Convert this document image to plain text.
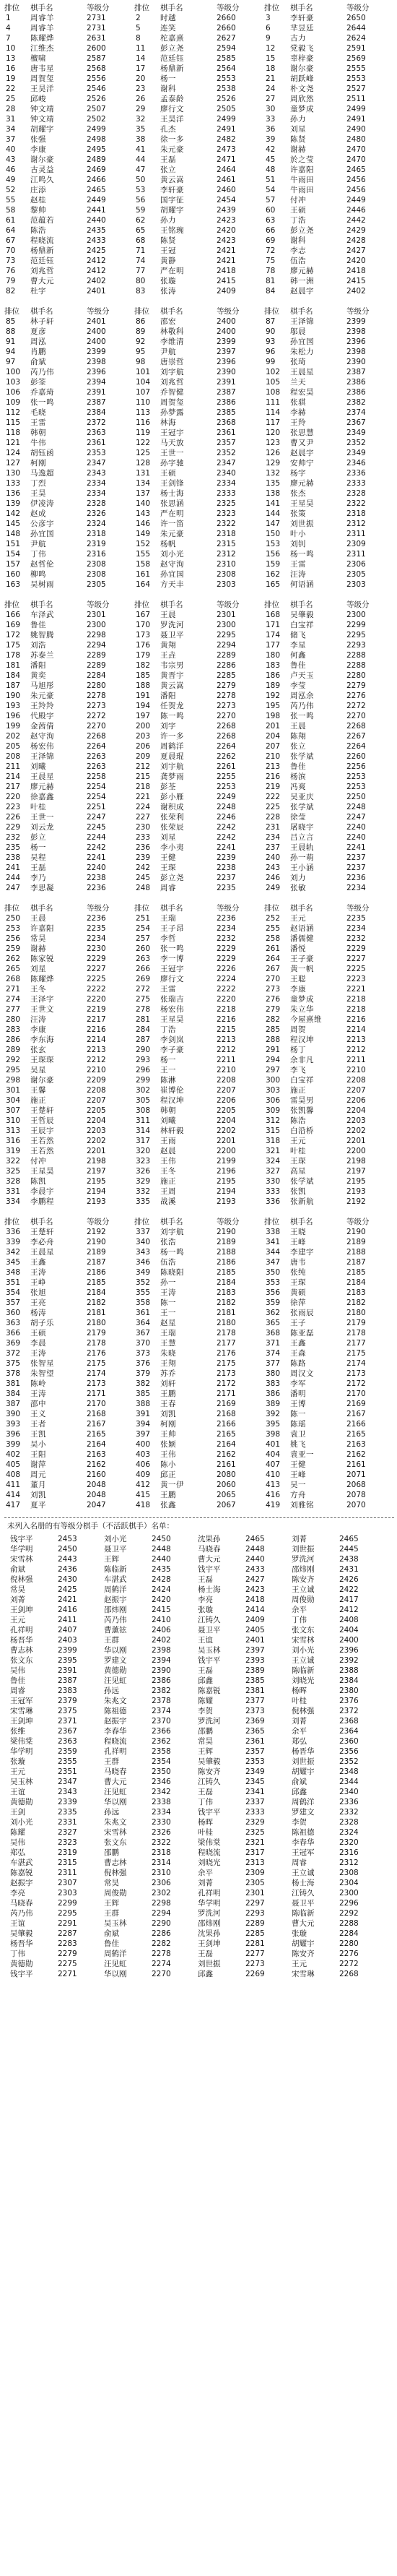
排位	棋手名	等级分	排位	棋手名	等级分	排位	棋手名	等级分
1	周睿羊	2731	2	时越	2660	3	李轩豪	2650
4	周睿羊	2731	5	连笑	2660	6	芈昱廷	2644
7	陈耀烨	2631	8	柁嘉熹	2627	9	古力	2624
10	江维杰	2600	11	彭立尧	2594	12	党毅飞	2591
13	檀啸	2587	14	范廷钰	2585	15	辜梓豪	2569
16	唐韦星	2568	17	杨鼎新	2564	18	谢尔豪	2555
19	周賀玺	2556	20	杨一	2553	21	胡跃峰	2553
22	王昊洋	2546	23	谢科	2538	24	朴文尧	2527
25	邱峻	2526	26	孟泰龄	2526	27	周欣然	2511
28	钟文靖	2507	29	廖行文	2505	30	童梦成	2499
31	钟文靖	2502	32	王昊洋	2499	33	孙力	2491
34	胡耀宇	2499	35	孔杰	2491	36	刘星	2490
37	张强	2498	38	徐一多	2482	39	陈贤	2480
40	李康	2495	41	朱元豪	2473	42	谢赫	2470
43	谢尔豪	2489	44	王磊	2471	45	於之莹	2470
46	古灵益	2469	47	张立	2464	48	许嘉阳	2465
49	江鸣久	2466	50	黄云嵩	2461	51	牛雨田	2456
52	庄添	2465	53	李轩豪	2460	54	牛雨田	2456
55	赵桂	2449	56	国宇征	2454	57	付冲	2449
58	黎帅	2441	59	胡耀宇	2439	60	王硕	2446
61	范蕴若	2440	62	孙力	2423	63	丁浩	2442
64	陈浩	2435	65	王铭琬	2420	66	彭立尧	2429
67	程晓流	2433	68	陈贤	2423	69	谢科	2428
70	杨鼎新	2425	71	王冠	2421	72	李志	2427
73	范廷钰	2412	74	黄静	2421	75	伍浩	2420
76	刘兆哲	2412	77	严在明	2418	78	廖元赫	2418
79	曹大元	2402	80	张璇	2415	81	韩一洲	2415
82	杜宇	2401	83	张涛	2409	84	赵晨宇	2402

排位	棋手名	等级分	排位	棋手名	等级分	排位	棋手名	等级分
85	林子轩	2401	86	邵宏	2400	87	王泽锦	2399
88	夏彦	2400	89	林敬科	2400	90	邬晨	2398
91	周泓	2400	92	李维清	2399	93	孙宜国	2396
94	肖鹏	2399	95	尹航	2397	96	朱松力	2398
97	俞斌	2398	98	唐崇哲	2396	99	张琦	2390
100	芮乃伟	2396	101	刘宇航	2390	102	王晨星	2387
103	彭筌	2394	104	刘兆哲	2391	105	兰天	2386
106	乔嘉琦	2391	107	乔智健	2387	108	程宏昊	2386
109	张一鸣	2387	110	周贺玺	2386	111	张骐	2382
112	毛晓	2384	113	孙梦露	2385	114	李赫	2374
115	王雷	2372	116	林海	2368	117	王羚	2367
118	韩朝	2363	119	王冠宇	2361	120	张思慧	2349
121	牛伟	2361	122	马天放	2357	123	曹又尹	2352
124	胡钰函	2353	125	王世一	2352	126	赵晨宇	2349
127	柯刚	2347	128	孙宇驰	2347	129	安帅宁	2346
130	马逸超	2343	131	王硕	2340	132	杨宇	2336
133	丁烈	2334	134	王剑锋	2334	135	廖元赫	2333
136	王昊	2334	137	杨士海	2333	138	张杰	2328
139	伊凌涛	2328	140	张思涵	2325	141	王星昊	2322
142	赵成	2326	143	严在明	2323	144	张策	2318
145	公彦宇	2324	146	许一笛	2322	147	刘世振	2312
148	孙宜国	2318	149	朱元豪	2318	150	叶小	2311
151	尹航	2319	152	杨帆	2315	153	刘钊	2309
154	丁伟	2316	155	刘小光	2312	156	杨一鸣	2311
157	赵哲伦	2308	158	赵守洵	2310	159	王雷	2306
160	柳鸣	2308	161	孙宜国	2308	162	汪涛	2305
163	吴树雨	2305	164	方天丰	2303	165	何语涵	2303

排位	棋手名	等级分	排位	棋手名	等级分	排位	棋手名	等级分
166	车泽武	2301	167	王晨	2301	168	吴肇毅	2300
169	鲁佳	2300	170	罗洗河	2300	171	白宝祥	2299
172	姚智腾	2298	173	聂卫平	2295	174	储飞	2295
175	刘浩	2294	176	黄翔	2294	177	李星	2293
178	苏泰兰	2289	179	王垚	2289	180	何鑫	2288
181	潘阳	2289	182	韦宗男	2286	183	鲁佳	2288
184	黄奕	2284	185	黄晋宇	2285	186	卢天玉	2280
187	马旭彤	2280	188	黄云嵩	2279	189	李莹	2279
190	朱元豪	2278	191	潘阳	2278	192	周泓余	2276
193	王羚羚	2273	194	任贺龙	2273	195	芮乃伟	2272
196	代殿宇	2272	197	陈一鸣	2270	198	张一鸣	2270
199	金茜倩	2270	200	刘宇	2268	201	王晨	2268
202	赵守洵	2268	203	许一多	2268	204	陈翔	2267
205	杨宏伟	2264	206	周鹤洋	2264	207	张立	2264
208	王泽锦	2263	209	夏晨琨	2262	210	张学斌	2260
211	刘曦	2263	212	刘宇航	2261	213	鲁佳	2256
214	王晨星	2258	215	龚梦雨	2255	216	杨滨	2253
217	廖元赫	2254	218	彭荃	2253	219	冯爽	2253
220	徐嘉鑫	2254	221	彭小雁	2249	222	吴亚庆	2250
223	叶桂	2251	224	谢积成	2248	225	张学斌	2248
226	王世一	2247	227	张荣利	2246	228	徐莹	2247
229	刘云龙	2245	230	张荣辰	2242	231	屠晓宇	2240
232	彭立	2244	233	刘星	2242	234	吕立言	2240
235	杨一	2242	236	李小夷	2241	237	王晨轨	2241
238	吴程	2241	239	王健	2239	240	孙一萌	2237
241	王磊	2240	242	王琛	2238	243	王小涵	2237
244	李乃	2238	245	彭立尧	2237	246	刘力	2236
247	李思凝	2236	248	周睿	2235	249	张敏	2234

排位	棋手名	等级分	排位	棋手名	等级分	排位	棋手名	等级分
250	王晨	2236	251	王瑞	2236	252	王元	2235
253	许嘉阳	2235	254	王子昂	2234	255	赵语涵	2234
256	常昊	2234	257	李哲	2232	258	潘儒健	2232
259	谢赫	2230	260	张一鸣	2229	261	潘悦	2229
262	陈家锐	2229	263	李一博	2229	264	王子豪	2227
265	刘星	2227	266	王冠宇	2226	267	黄一帆	2225
268	陈耀烨	2225	269	廖行文	2224	270	王聪	2223
271	王冬	2222	272	王雷	2222	273	李康	2221
274	王泽宇	2220	275	张瑞吉	2220	276	童梦成	2218
277	王世文	2219	278	杨宏伟	2218	279	朱立华	2218
280	汪涛	2217	281	王星昊	2216	282	今屋熹维	2216
283	李康	2216	284	丁浩	2215	285	周贺	2214
286	李东海	2214	287	李剑岚	2213	288	程汉坤	2213
289	张玄	2213	290	李子豪	2212	291	杨丁	2212
292	王琛琛	2212	293	杨一	2211	294	余非凡	2211
295	吴星	2210	296	王一	2210	297	李飞	2210
298	谢尔豪	2209	299	陈淋	2208	300	白宝祥	2208
301	王馨	2208	302	崔博伦	2207	303	施正	2207
304	施正	2207	305	程汉坤	2206	306	雷昊男	2206
307	王楚轩	2205	308	韩朝	2205	309	张凯馨	2204
310	王哲辰	2204	311	刘曦	2204	312	陈浩	2203
313	王辰宇	2203	314	林轩毅	2202	315	白沿桥	2202
316	王若然	2202	317	王雨	2201	318	王元	2201
319	王若然	2201	320	赵晨	2200	321	叶桂	2200
322	付冲	2198	323	王伟	2199	324	王琛	2198
325	王星昊	2197	326	王冬	2196	327	高星	2197
328	陈凯	2195	329	施正	2195	330	张学斌	2195
331	李晨宇	2194	332	王周	2194	333	张凯	2193
334	李鹏程	2193	335	战溪	2193	336	张新航	2192

排位	棋手名	等级分	排位	棋手名	等级分	排位	棋手名	等级分
336	王楚轩	2192	337	刘宇航	2190	338	王晓	2190
339	李必舟	2190	340	张浩	2189	341	王峰	2189
342	王晨星	2189	343	杨一鸣	2188	344	李建宇	2188
345	王鑫	2187	346	伍浩	2186	347	唐韦	2187
348	王涛	2186	349	陈晓阳	2185	350	张纯	2185
351	王峥	2185	352	孙一	2184	353	王琛	2184
354	张旭	2184	355	王涛	2183	356	黄硕	2183
357	王亮	2182	358	陈一	2182	359	徐萍	2182
360	杨涛	2181	361	王一	2181	362	张雨辰	2180
363	胡子乐	2180	364	赵星	2180	365	王子	2179
366	王硕	2179	367	王瑞	2178	368	陈亚磊	2178
369	李晨	2178	370	王慧	2177	371	王鑫	2177
372	王涛	2176	373	朱晓	2176	374	王森	2175
375	张智星	2175	376	王翔	2175	377	陈路	2174
378	朱智望	2174	379	苏乔	2173	380	周汉文	2173
381	陈岭	2173	382	刘轩	2172	383	李军	2172
384	王涛	2171	385	王鹏	2171	386	潘明	2170
387	邵中	2170	388	王春	2169	389	王博	2169
390	王义	2168	391	刘凯	2168	392	陈一	2167
393	王者	2167	394	柯刚	2166	395	陈瑶	2166
396	王凯	2165	397	王帅	2165	398	袁卫	2165
399	吴小	2164	400	张颖	2164	401	姚飞	2163
402	王阳	2163	403	王伟	2162	404	袁亚一	2162
405	谢萍	2162	406	陈小	2161	407	王健	2161
408	周元	2160	409	邱正	2080	410	王峰	2071
411	董月	2048	412	黄一伊	2060	413	吴一	2068
414	刘凯	2048	415	王鹏	2065	416	方舟	2078
417	夏平	2047	418	张鑫	2067	419	刘雅铭	2070
未列入名册的有等级分棋手（不活跃棋手）名单：
钱宇平	2453	刘小光	2450	沈果孙	2465	刘菁	2465
华学明	2450	聂卫平	2448	马晓春	2448	刘世振	2445
宋雪林	2443	王辉	2440	曹大元	2440	罗洗河	2438
俞斌	2436	陈临新	2435	钱宇平	2433	邵炜刚	2431
倪林强	2430	车湛武	2428	王磊	2427	陈安齐	2426
常昊	2425	周鹤洋	2424	杨士海	2423	王立诚	2422
刘菁	2421	赵振宇	2420	李亮	2418	周俊勋	2417
王剑坤	2416	邵炜刚	2415	张璇	2414	余平	2412
王元	2411	芮乃伟	2410	江铸久	2409	丁伟	2408
孔祥明	2407	曹薰铉	2406	聂卫平	2405	张文东	2404
杨晋华	2403	王群	2402	王谊	2401	宋雪林	2400
曹志林	2399	华以刚	2398	吴玉林	2397	刘小光	2396
张文东	2395	罗建文	2394	钱宇平	2393	王立诚	2392
吴伟	2391	黄德勋	2390	王磊	2389	陈临新	2388
鲁佳	2387	汪见虹	2386	邱鑫	2385	刘晓光	2384
周睿	2383	孙远	2382	陈嘉锐	2381	杨晖	2380
王冠军	2379	朱兆文	2378	陈耀	2377	叶桂	2376
宋雪琳	2375	陈祖德	2374	李贺	2373	倪林强	2372
王剑坤	2371	赵振宇	2370	罗洗河	2369	刘菁	2368
张维	2367	李春华	2366	邵鹏	2365	余平	2364
梁伟棠	2363	程晓流	2362	常昊	2361	郑弘	2360
华学明	2359	孔祥明	2358	王辉	2357	杨晋华	2356
张璇	2355	王群	2354	吴肇毅	2353	刘世振	2352
王元	2351	马晓春	2350	陈安齐	2349	胡耀宇	2348
吴玉林	2347	曹大元	2346	江铸久	2345	俞斌	2344
王谊	2343	汪见虹	2342	王磊	2341	邱鑫	2340
黄德勋	2339	华以刚	2338	丁伟	2337	周鹤洋	2336
王剑	2335	孙远	2334	钱宇平	2333	罗建文	2332
刘小光	2331	朱兆文	2330	杨晖	2329	李贺	2328
陈耀	2327	宋雪林	2326	叶桂	2325	陈祖德	2324
吴伟	2323	张文东	2322	梁伟棠	2321	李春华	2320
郑弘	2319	邵鹏	2318	程晓流	2317	王冠军	2316
车湛武	2315	曹志林	2314	刘晓光	2313	周睿	2312
陈嘉锐	2311	倪林强	2310	余平	2309	王立诚	2308
赵振宇	2307	常昊	2306	刘菁	2305	杨士海	2304
李亮	2303	周俊勋	2302	孔祥明	2301	江铸久	2300
马晓春	2299	王辉	2298	华学明	2297	聂卫平	2296
芮乃伟	2295	王群	2294	罗洗河	2293	陈临新	2292
王谊	2291	吴玉林	2290	邵炜刚	2289	曹大元	2288
吴肇毅	2287	俞斌	2286	沈果孙	2285	张璇	2284
杨晋华	2283	鲁佳	2282	王剑坤	2281	胡耀宇	2280
丁伟	2279	周鹤洋	2278	王磊	2277	陈安齐	2276
黄德勋	2275	汪见虹	2274	刘世振	2273	王元	2272
钱宇平	2271	华以刚	2270	邱鑫	2269	宋雪琳	2268
